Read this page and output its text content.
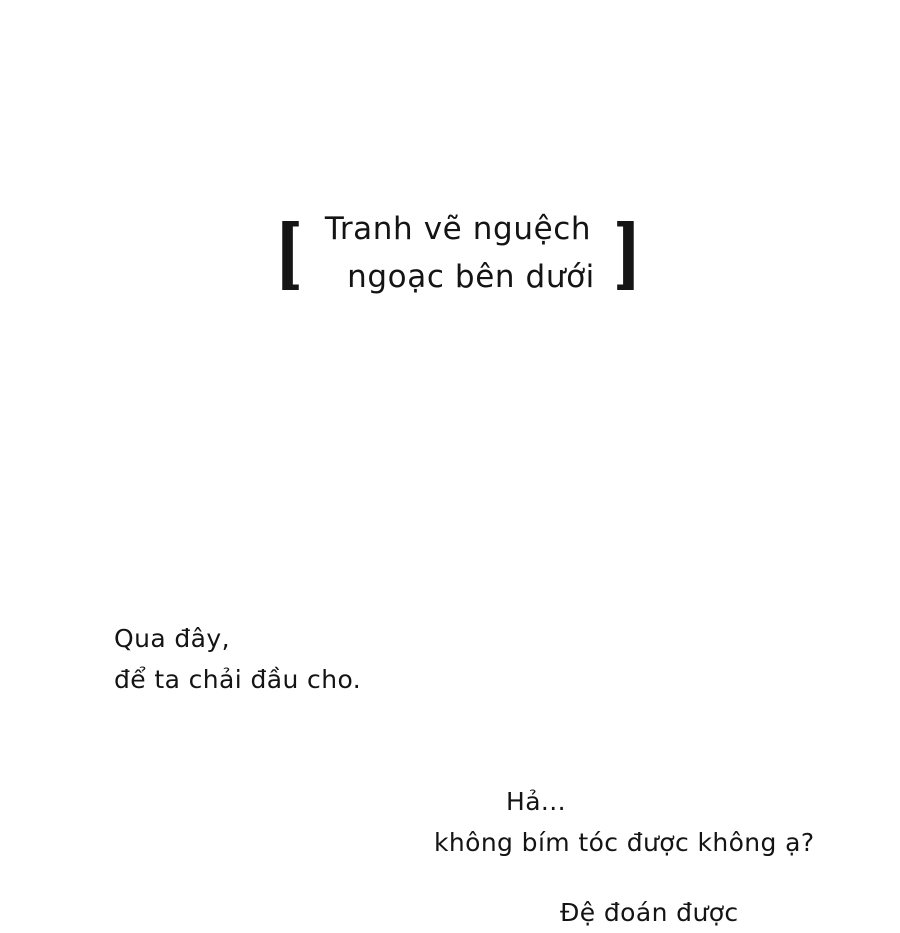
[ Tranh vẽ nguệch
ngoạc bên dưới ]
Qua đây,
để ta chải đầu cho.
Hả...
không bím tóc được không ạ?
Đệ đoán được
